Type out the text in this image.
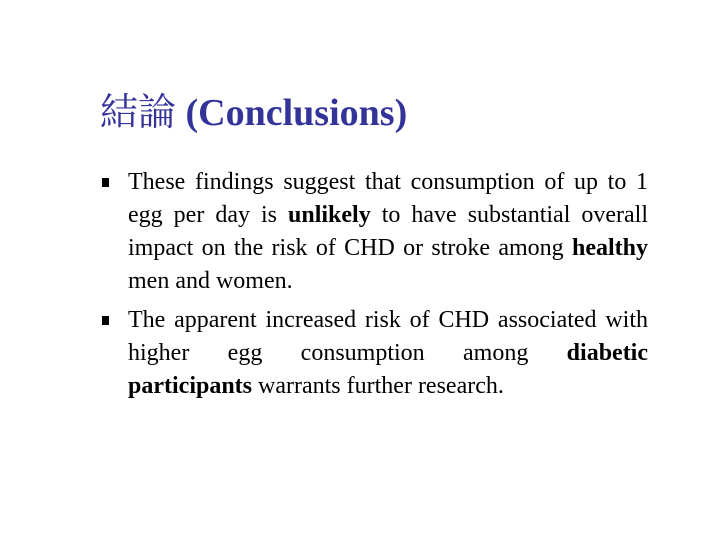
結論 (Conclusions)
These findings suggest that consumption of up to 1 egg per day is unlikely to have substantial overall impact on the risk of CHD or stroke among healthy men and women.
The apparent increased risk of CHD associated with higher egg consumption among diabetic participants warrants further research.
